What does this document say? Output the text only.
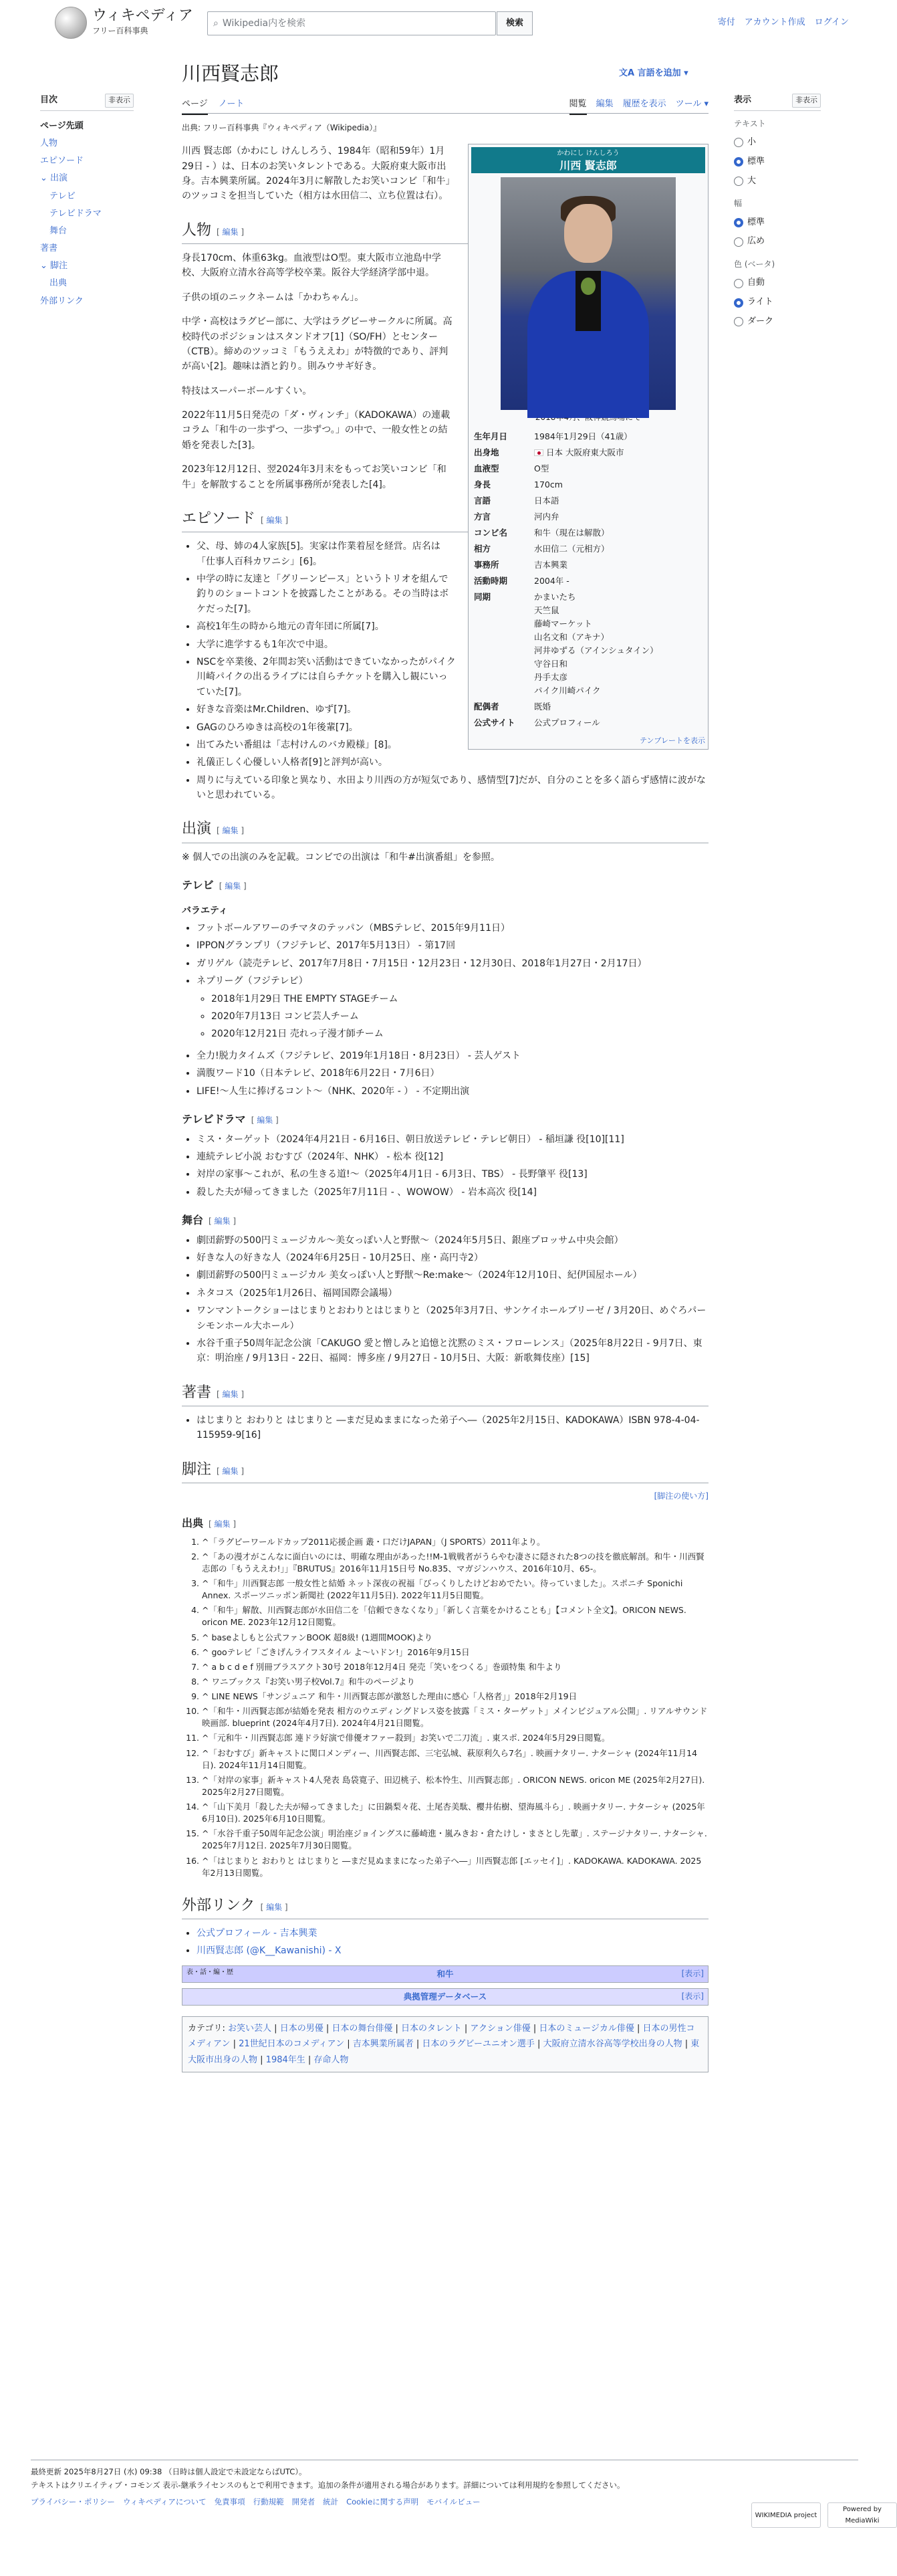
ウィキペディア
フリー百科事典
⌕ Wikipedia内を検索	検索	寄付 アカウント作成 ログイン
目次	非表示
ページ先頭
人物
エピソード
⌄ 出演
テレビ
テレビドラマ
舞台
著書
⌄ 脚注
出典
外部リンク
川西賢志郎	文A 言語を追加 ▾
ページ ノート	閲覧 編集 履歴を表示 ツール ▾
出典: フリー百科事典『ウィキペディア（Wikipedia）』
かわにし けんしろう
川西 賢志郎
生年月日	1984年1月29日（41歳）
出身地	日本 大阪府東大阪市
血液型	O型
身長	170cm
言語	日本語
方言	河内弁
コンビ名	和牛（現在は解散）
相方	水田信二（元相方）
事務所	吉本興業
活動時期	2004年 -
同期	かまいたち
天竺鼠
藤崎マーケット
山名文和（アキナ）
河井ゆずる（アインシュタイン）
守谷日和
丹手太彦
パイク川崎パイク
配偶者	既婚
公式サイト	公式プロフィール
テンプレートを表示

川西 賢志郎（かわにし けんしろう、1984年（昭和59年）1月29日 - ）は、日本のお笑いタレントである。大阪府東大阪市出身。吉本興業所属。2024年3月に解散したお笑いコンビ「和牛」のツッコミを担当していた（相方は水田信二、立ち位置は右）。

人物 [ 編集 ]

身長170cm、体重63kg。血液型はO型。東大阪市立池島中学校、大阪府立清水谷高等学校卒業。阪谷大学経済学部中退。

子供の頃のニックネームは「かわちゃん」。

中学・高校はラグビー部に、大学はラグビーサークルに所属。高校時代のポジションはスタンドオフ[1]（SO/FH）とセンター（CTB）。締めのツッコミ「もうええわ」が特徴的であり、評判が高い[2]。趣味は酒と釣り。則みウサギ好き。

特技はスーパーボールすくい。

2022年11月5日発売の「ダ・ヴィンチ」（KADOKAWA）の連載コラム「和牛の一歩ずつ、一歩ずつ。」の中で、一般女性との結婚を発表した[3]。

2023年12月12日、翌2024年3月末をもってお笑いコンビ「和牛」を解散することを所属事務所が発表した[4]。

エピソード [ 編集 ]
• 父、母、姉の4人家族[5]。実家は作業着屋を経営。店名は「仕事人百科カワニシ」[6]。
• 中学の時に友達と「グリーンピース」というトリオを組んで釣りのショートコントを披露したことがある。その当時はボケだった[7]。
• 高校1年生の時から地元の青年団に所属[7]。
• 大学に進学するも1年次で中退。
• NSCを卒業後、2年間お笑い活動はできていなかったがパイク川崎パイクの出るライブには自らチケットを購入し観にいっていた[7]。
• 好きな音楽はMr.Children、ゆず[7]。
• GAGのひろゆきは高校の1年後輩[7]。
• 出てみたい番組は「志村けんのバカ殿様」[8]。
• 礼儀正しく心優しい人格者[9]と評判が高い。
• 周りに与えている印象と異なり、水田より川西の方が短気であり、感情型[7]だが、自分のことを多く語らず感情に波がないと思われている。
出演 [ 編集 ]

※ 個人での出演のみを記載。コンビでの出演は「和牛#出演番組」を参照。

テレビ [ 編集 ]
バラエティ
• フットボールアワーのチマタのテッパン（MBSテレビ、2015年9月11日）
• IPPONグランプリ（フジテレビ、2017年5月13日） - 第17回
• ガリゲル（読売テレビ、2017年7月8日・7月15日・12月23日・12月30日、2018年1月27日・2月17日）
• ネプリーグ（フジテレビ）
◦ 2018年1月29日 THE EMPTY STAGEチーム
◦ 2020年7月13日 コンビ芸人チーム
◦ 2020年12月21日 売れっ子漫才師チーム
• 全力!脱力タイムズ（フジテレビ、2019年1月18日・8月23日） - 芸人ゲスト
• 満腹ワード10（日本テレビ、2018年6月22日・7月6日）
• LIFE!〜人生に捧げるコント〜（NHK、2020年 - ） - 不定期出演
テレビドラマ [ 編集 ]
• ミス・ターゲット（2024年4月21日 - 6月16日、朝日放送テレビ・テレビ朝日） - 稲垣謙 役[10][11]
• 連続テレビ小説 おむすび（2024年、NHK） - 松本 役[12]
• 対岸の家事〜これが、私の生きる道!〜（2025年4月1日 - 6月3日、TBS） - 長野肇平 役[13]
• 殺した夫が帰ってきました（2025年7月11日 - 、WOWOW） - 岩本高次 役[14]
舞台 [ 編集 ]
• 劇団薪野の500円ミュージカル〜美女っぽい人と野獣〜（2024年5月5日、銀座プロッサム中央会館）
• 好きな人の好きな人（2024年6月25日 - 10月25日、座・高円寺2）
• 劇団薪野の500円ミュージカル 美女っぽい人と野獣〜Re:make〜（2024年12月10日、紀伊国屋ホール）
• ネタコス（2025年1月26日、福岡国際会議場）
• ワンマントークショーはじまりとおわりとはじまりと（2025年3月7日、サンケイホールブリーゼ / 3月20日、めぐろパーシモンホール大ホール）
• 水谷千重子50周年記念公演「CAKUGO 愛と憎しみと追憶と沈黙のミス・フローレンス」（2025年8月22日 - 9月7日、東京：明治座 / 9月13日 - 22日、福岡：博多座 / 9月27日 - 10月5日、大阪：新歌舞伎座）[15]
著書 [ 編集 ]
• はじまりと おわりと はじまりと ―まだ見ぬままになった弟子へ―（2025年2月15日、KADOKAWA）ISBN 978-4-04-115959-9[16]
脚注 [ 編集 ]
[脚注の使い方]
出典 [ 編集 ]
1. ^「ラグビーワールドカップ2011応援企画 叢・口だけJAPAN」（J SPORTS）2011年より。
2. ^「あの漫才がこんなに面白いのには、明確な理由があった!!M-1戦戦者がうらやむ凄さに隠された8つの技を徹底解剖。和牛・川西賢志郎の「もうええわ!」」『BRUTUS』2016年11月15日号 No.835、マガジンハウス、2016年10月、65-。
3. ^「和牛」川西賢志郎 一般女性と結婚 ネット深夜の祝福「びっくりしたけどおめでたい。待っていました」。スポニチ Sponichi Annex. スポーツニッポン新聞社 (2022年11月5日). 2022年11月5日閲覧。
4. ^「和牛」解散、川西賢志郎が水田信二を「信頼できなくなり」「新しく言葉をかけることも」【コメント全文】。ORICON NEWS. oricon ME. 2023年12月12日閲覧。
5. ^ baseよしもと公式ファンBOOK 超8級! (1週間MOOK)より
6. ^ gooテレビ「ごきげんライフスタイル よ〜いドン!」2016年9月15日
7. ^ a b c d e f 別冊ブラスアクト30号 2018年12月4日 発売「笑いをつくる」巻頭特集 和牛より
8. ^ ワニブックス『お笑い男子校Vol.7』和牛のページより
9. ^ LINE NEWS「サンジュニア 和牛・川西賢志郎が激怒した理由に感心「人格者」」2018年2月19日
10. ^「和牛・川西賢志郎が結婚を発表 相方のウエディングドレス姿を披露「ミス・ターゲット」メインビジュアル公開」. リアルサウンド映画部. blueprint (2024年4月7日). 2024年4月21日閲覧。
11. ^「元和牛・川西賢志郎 連ドラ好演で俳優オファー殺到」お笑いで二刀流」. 東スポ. 2024年5月29日閲覧。
12. ^「おむすび」新キャストに関口メンディー、川西賢志郎、三宅弘城、萩原利久ら7名」. 映画ナタリー. ナターシャ (2024年11月14日). 2024年11月14日閲覧。
13. ^「対岸の家事」新キャスト4人発表 島袋寛子、田辺桃子、松本怜生、川西賢志郎」. ORICON NEWS. oricon ME (2025年2月27日). 2025年2月27日閲覧。
14. ^「山下美月「殺した夫が帰ってきました」に田鍋梨々花、土尾杏美駄、櫻井佑樹、望海風斗ら」. 映画ナタリー. ナターシャ (2025年6月10日). 2025年6月10日閲覧。
15. ^「水谷千重子50周年記念公演」明治座ジョイングスに藤崎進・嵐みきお・倉たけし・まさとし先輩」. ステージナタリー. ナターシャ. 2025年7月12日. 2025年7月30日閲覧。
16. ^「はじまりと おわりと はじまりと ―まだ見ぬままになった弟子へ―」川西賢志郎 [エッセイ]」. KADOKAWA. KADOKAWA. 2025年2月13日閲覧。
外部リンク [ 編集 ]
• 公式プロフィール - 吉本興業
• 川西賢志郎 (@K__Kawanishi) - X
表・話・編・歴	和牛	[表示]
典拠管理データベース	[表示]
カテゴリ: お笑い芸人 | 日本の男優 | 日本の舞台俳優 | 日本のタレント | アクション俳優 | 日本のミュージカル俳優 | 日本の男性コメディアン | 21世紀日本のコメディアン | 吉本興業所属者 | 日本のラグビーユニオン選手 | 大阪府立清水谷高等学校出身の人物 | 東大阪市出身の人物 | 1984年生 | 存命人物
表示	非表示
テキスト
小
標準
大
幅
標準
広め
色 (ベータ)
自動
ライト
ダーク
最終更新 2025年8月27日 (水) 09:38 （日時は個人設定で未設定ならばUTC）。
テキストはクリエイティブ・コモンズ 表示-継承ライセンスのもとで利用できます。追加の条件が適用される場合があります。詳細については利用規約を参照してください。
プライバシー・ポリシー ウィキペディアについて 免責事項 行動規範 開発者 統計 Cookieに関する声明 モバイルビュー
WIKIMEDIA project
Powered by MediaWiki
